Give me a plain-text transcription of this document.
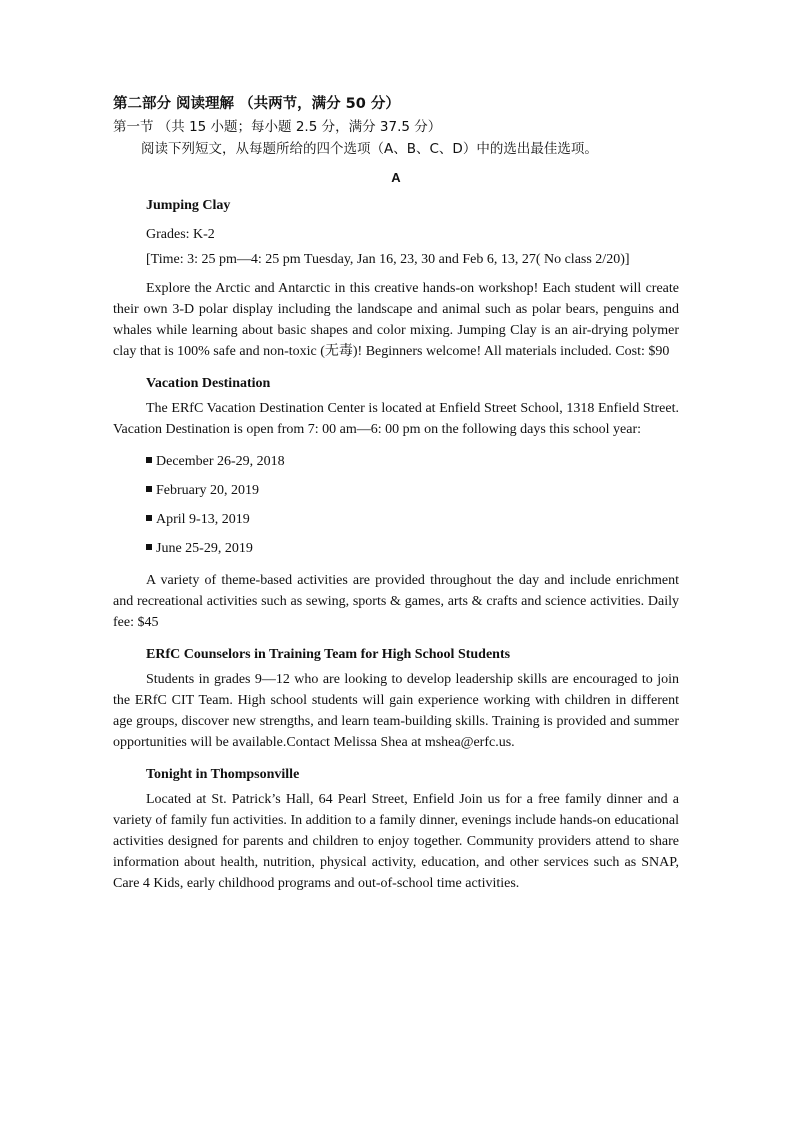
第二部分 阅读理解 （共两节，满分 50 分）
第一节 （共 15 小题；每小题 2.5 分，满分 37.5 分）
阅读下列短文，从每题所给的四个选项（A、B、C、D）中的选出最佳选项。
A
Jumping Clay
Grades: K-2

[Time: 3: 25 pm—4: 25 pm Tuesday, Jan 16, 23, 30 and Feb 6, 13, 27( No class 2/20)]

Explore the Arctic and Antarctic in this creative hands-on workshop! Each student will create their own 3-D polar display including the landscape and animal such as polar bears, penguins and whales while learning about basic shapes and color mixing. Jumping Clay is an air-drying polymer clay that is 100% safe and non-toxic (无毒)! Beginners welcome! All materials included. Cost: $90

Vacation Destination

The ERfC Vacation Destination Center is located at Enfield Street School, 1318 Enfield Street. Vacation Destination is open from 7: 00 am—6: 00 pm on the following days this school year:

December 26-29, 2018
February 20, 2019
April 9-13, 2019
June 25-29, 2019

A variety of theme-based activities are provided throughout the day and include enrichment and recreational activities such as sewing, sports & games, arts & crafts and science activities. Daily fee: $45

ERfC Counselors in Training Team for High School Students

Students in grades 9—12 who are looking to develop leadership skills are encouraged to join the ERfC CIT Team. High school students will gain experience working with children in different age groups, discover new strengths, and learn team-building skills. Training is provided and summer opportunities will be available.Contact Melissa Shea at mshea@erfc.us.

Tonight in Thompsonville

Located at St. Patrick’s Hall, 64 Pearl Street, Enfield Join us for a free family dinner and a variety of family fun activities. In addition to a family dinner, evenings include hands-on educational activities designed for parents and children to enjoy together. Community providers attend to share information about health, nutrition, physical activity, education, and other services such as SNAP, Care 4 Kids, early childhood programs and out-of-school time activities.
